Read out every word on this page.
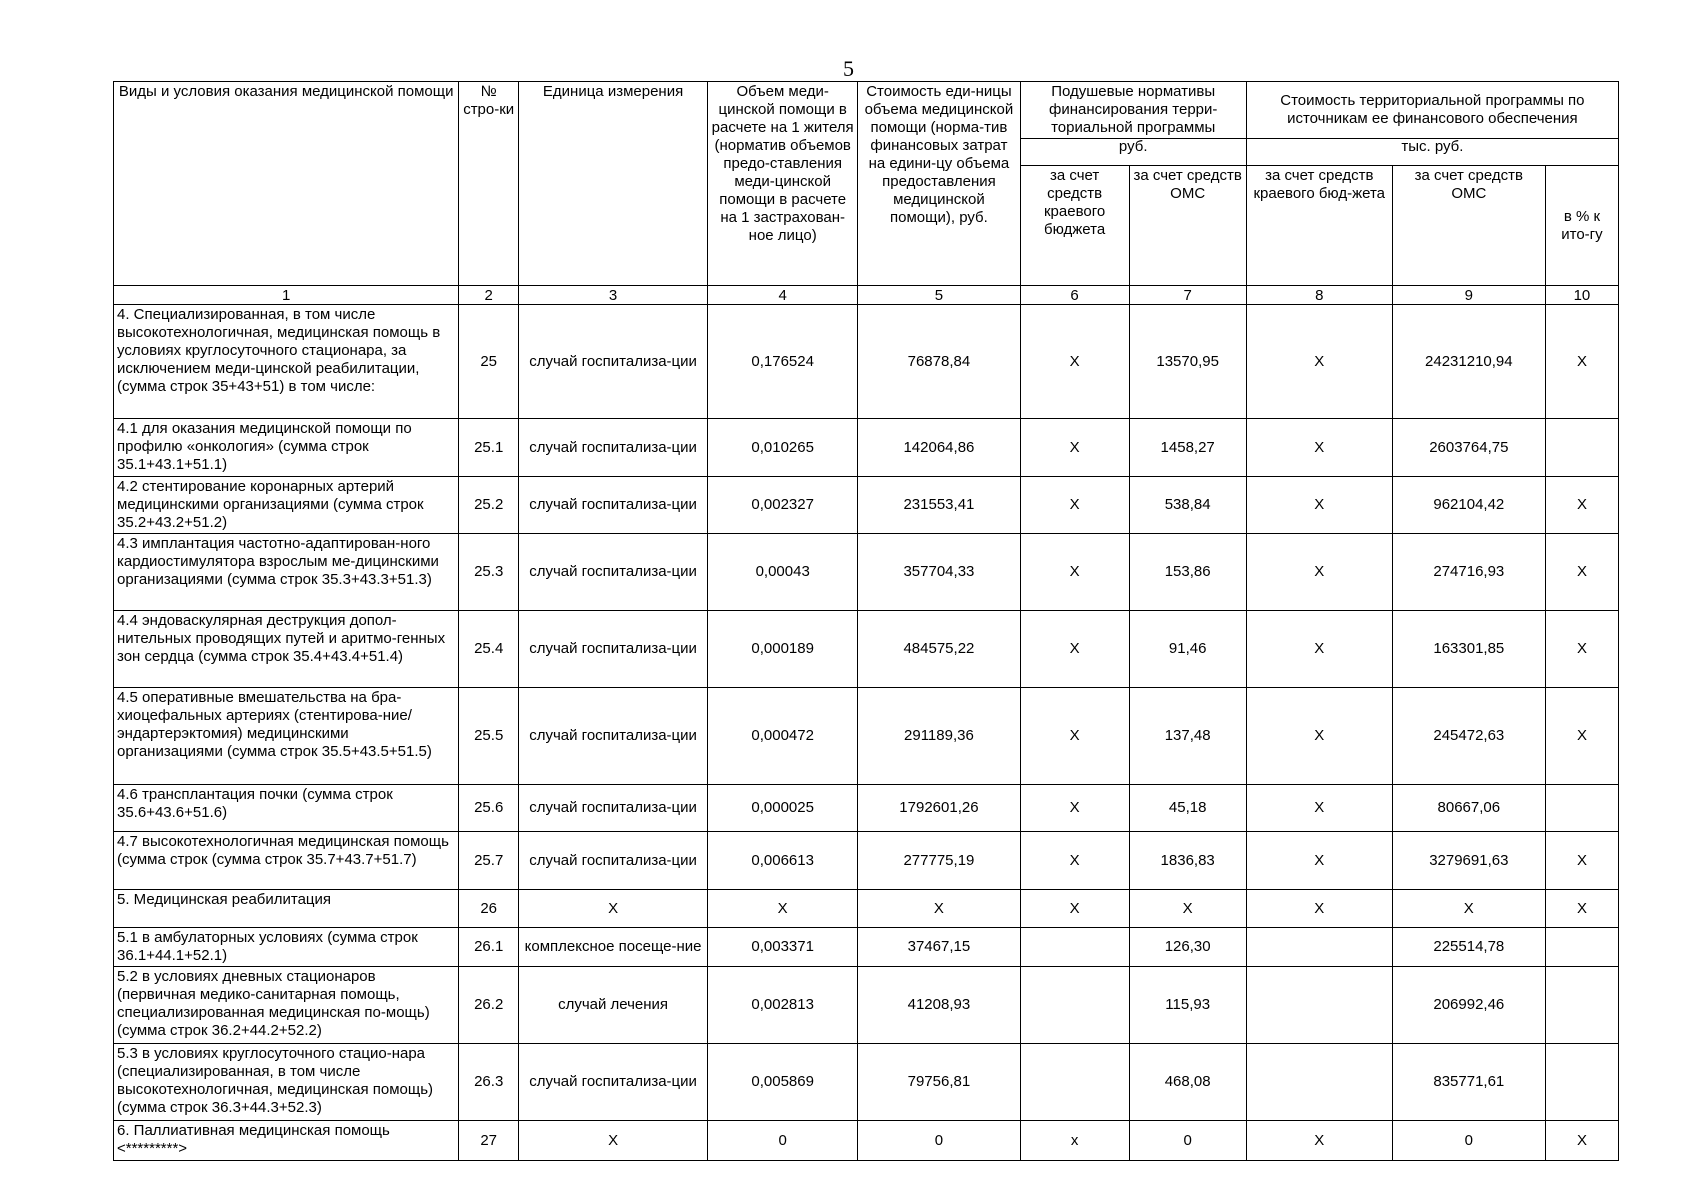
5
Виды и условия оказания медицинской помощи	№ стро-ки	Единица измерения	Объем меди-цинской помощи в расчете на 1 жителя (норматив объемов предо-ставления меди-цинской помощи в расчете на 1 застрахован-ное лицо)	Стоимость еди-ницы объема медицинской помощи (норма-тив финансовых затрат на едини-цу объема предоставления медицинской помощи), руб.	Подушевые нормативы финансирования терри-ториальной программы		Стоимость территориальной программы по источникам ее финансового обеспечения		
					руб.		тыс. руб.		
					за счет средств краевого бюджета	за счет средств ОМС	за счет средств краевого бюд-жета	за счет средств ОМС	в % к ито-гу
1	2	3	4	5	6	7	8	9	10
4. Специализированная, в том числе высокотехнологичная, медицинская помощь в условиях круглосуточного стационара, за исключением меди-цинской реабилитации, (сумма строк 35+43+51) в том числе:	25	случай госпитализа-ции	0,176524	76878,84	X	13570,95	X	24231210,94	X
4.1 для оказания медицинской помощи по профилю «онкология» (сумма строк 35.1+43.1+51.1)	25.1	случай госпитализа-ции	0,010265	142064,86	X	1458,27	X	2603764,75	
4.2 стентирование коронарных артерий медицинскими организациями (сумма строк 35.2+43.2+51.2)	25.2	случай госпитализа-ции	0,002327	231553,41	X	538,84	X	962104,42	X
4.3 имплантация частотно-адаптирован-ного кардиостимулятора взрослым ме-дицинскими организациями (сумма строк 35.3+43.3+51.3)	25.3	случай госпитализа-ции	0,00043	357704,33	X	153,86	X	274716,93	X
4.4 эндоваскулярная деструкция допол-нительных проводящих путей и аритмо-генных зон сердца (сумма строк 35.4+43.4+51.4)	25.4	случай госпитализа-ции	0,000189	484575,22	X	91,46	X	163301,85	X
4.5 оперативные вмешательства на бра-хиоцефальных артериях (стентирова-ние/эндартерэктомия) медицинскими организациями (сумма строк 35.5+43.5+51.5)	25.5	случай госпитализа-ции	0,000472	291189,36	X	137,48	X	245472,63	X
4.6 трансплантация почки (сумма строк 35.6+43.6+51.6)	25.6	случай госпитализа-ции	0,000025	1792601,26	X	45,18	X	80667,06	
4.7 высокотехнологичная медицинская помощь (сумма строк (сумма строк 35.7+43.7+51.7)	25.7	случай госпитализа-ции	0,006613	277775,19	X	1836,83	X	3279691,63	X
5. Медицинская реабилитация	26	X	X	X	X	X	X	X	X
5.1 в амбулаторных условиях (сумма строк 36.1+44.1+52.1)	26.1	комплексное посеще-ние	0,003371	37467,15		126,30		225514,78	
5.2 в условиях дневных стационаров (первичная медико-санитарная помощь, специализированная медицинская по-мощь) (сумма строк 36.2+44.2+52.2)	26.2	случай лечения	0,002813	41208,93		115,93		206992,46	
5.3 в условиях круглосуточного стацио-нара (специализированная, в том числе высокотехнологичная, медицинская помощь) (сумма строк 36.3+44.3+52.3)	26.3	случай госпитализа-ции	0,005869	79756,81		468,08		835771,61	
6. Паллиативная медицинская помощь <*********>	27	X	0	0	x	0	X	0	X
